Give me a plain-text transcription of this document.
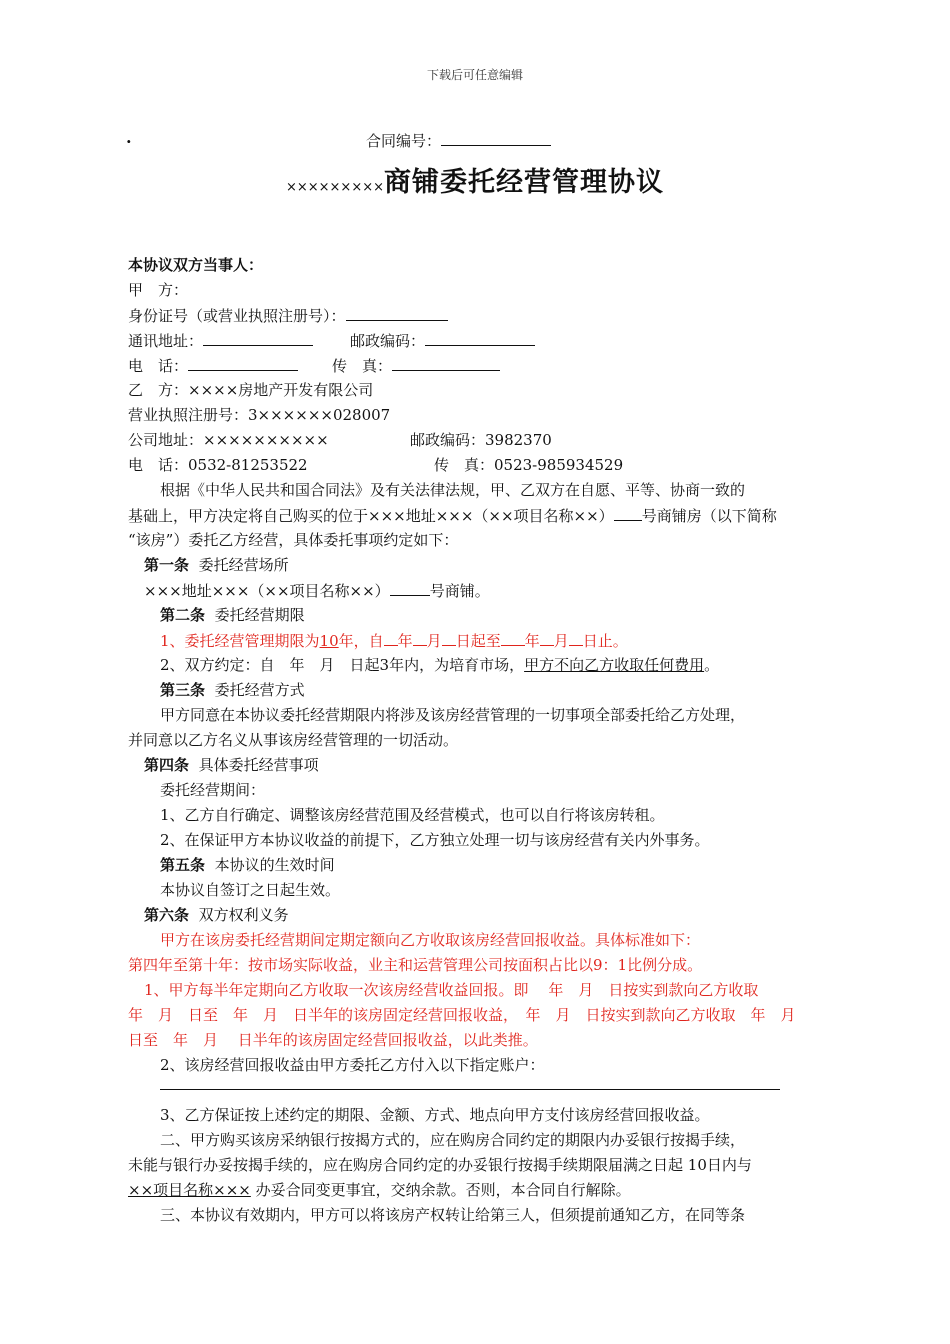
下载后可任意编辑
.	合同编号：
×××××××××商铺委托经营管理协议
本协议双方当事人：
甲　方：
身份证号（或营业执照注册号）：
通讯地址：	邮政编码：
电　话：	传　真：
乙　方：××××房地产开发有限公司
营业执照注册号：3××××××028007
公司地址：××××××××××	邮政编码：3982370
电　话：0532-81253522	传　真：0523-985934529
根据《中华人民共和国合同法》及有关法律法规，甲、乙双方在自愿、平等、协商一致的
基础上，甲方决定将自己购买的位于×××地址×××（××项目名称××） 号商铺房（以下简称
“该房”）委托乙方经营，具体委托事项约定如下：
第一条 委托经营场所
×××地址×××（××项目名称××）	号商铺。
第二条 委托经营期限
1、委托经营管理期限为10年，自 年 月 日起至 年 月 日止。
2、双方约定：自　年　月　日起3年内，为培育市场，甲方不向乙方收取任何费用。
第三条 委托经营方式
甲方同意在本协议委托经营期限内将涉及该房经营管理的一切事项全部委托给乙方处理，
并同意以乙方名义从事该房经营管理的一切活动。
第四条 具体委托经营事项
委托经营期间：
1、乙方自行确定、调整该房经营范围及经营模式，也可以自行将该房转租。
2、在保证甲方本协议收益的前提下，乙方独立处理一切与该房经营有关内外事务。
第五条 本协议的生效时间
本协议自签订之日起生效。
第六条 双方权利义务
甲方在该房委托经营期间定期定额向乙方收取该房经营回报收益。具体标准如下：
第四年至第十年：按市场实际收益，业主和运营管理公司按面积占比以9：1比例分成。
1、甲方每半年定期向乙方收取一次该房经营收益回报。即　 年　月　日按实到款向乙方收取
年　月　日至　年　月　日半年的该房固定经营回报收益，　年　月　日按实到款向乙方收取　年　月
日至　年　月　 日半年的该房固定经营回报收益，以此类推。
2、该房经营回报收益由甲方委托乙方付入以下指定账户：
3、乙方保证按上述约定的期限、金额、方式、地点向甲方支付该房经营回报收益。
二、甲方购买该房采纳银行按揭方式的，应在购房合同约定的期限内办妥银行按揭手续，
未能与银行办妥按揭手续的，应在购房合同约定的办妥银行按揭手续期限届满之日起 10日内与
××项目名称××× 办妥合同变更事宜，交纳余款。否则，本合同自行解除。
三、本协议有效期内，甲方可以将该房产权转让给第三人，但须提前通知乙方，在同等条
